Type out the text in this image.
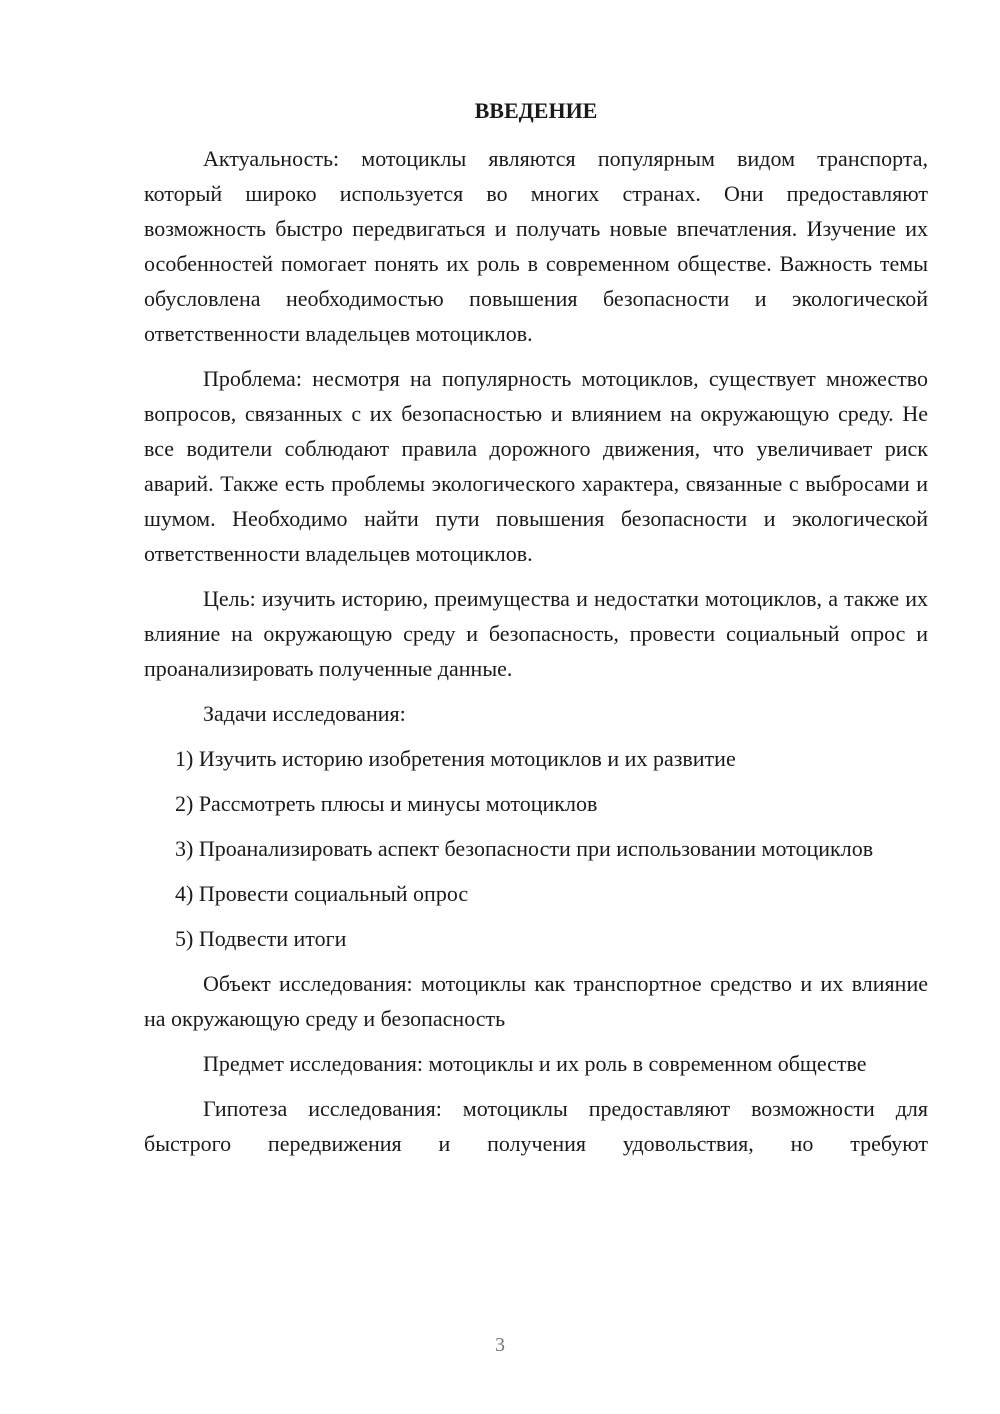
ВВЕДЕНИЕ

Актуальность: мотоциклы являются популярным видом транспорта, который широко используется во многих странах. Они предоставляют возможность быстро передвигаться и получать новые впечатления. Изучение их особенностей помогает понять их роль в современном обществе. Важность темы обусловлена необходимостью повышения безопасности и экологической ответственности владельцев мотоциклов.

Проблема: несмотря на популярность мотоциклов, существует множество вопросов, связанных с их безопасностью и влиянием на окружающую среду. Не все водители соблюдают правила дорожного движения, что увеличивает риск аварий. Также есть проблемы экологического характера, связанные с выбросами и шумом. Необходимо найти пути повышения безопасности и экологической ответственности владельцев мотоциклов.

Цель: изучить историю, преимущества и недостатки мотоциклов, а также их влияние на окружающую среду и безопасность, провести социальный опрос и проанализировать полученные данные.

Задачи исследования:

1) Изучить историю изобретения мотоциклов и их развитие

2) Рассмотреть плюсы и минусы мотоциклов

3) Проанализировать аспект безопасности при использовании мотоциклов

4) Провести социальный опрос

5) Подвести итоги

Объект исследования: мотоциклы как транспортное средство и их влияние на окружающую среду и безопасность

Предмет исследования: мотоциклы и их роль в современном обществе

Гипотеза исследования: мотоциклы предоставляют возможности для быстрого передвижения и получения удовольствия, но требуют

3
